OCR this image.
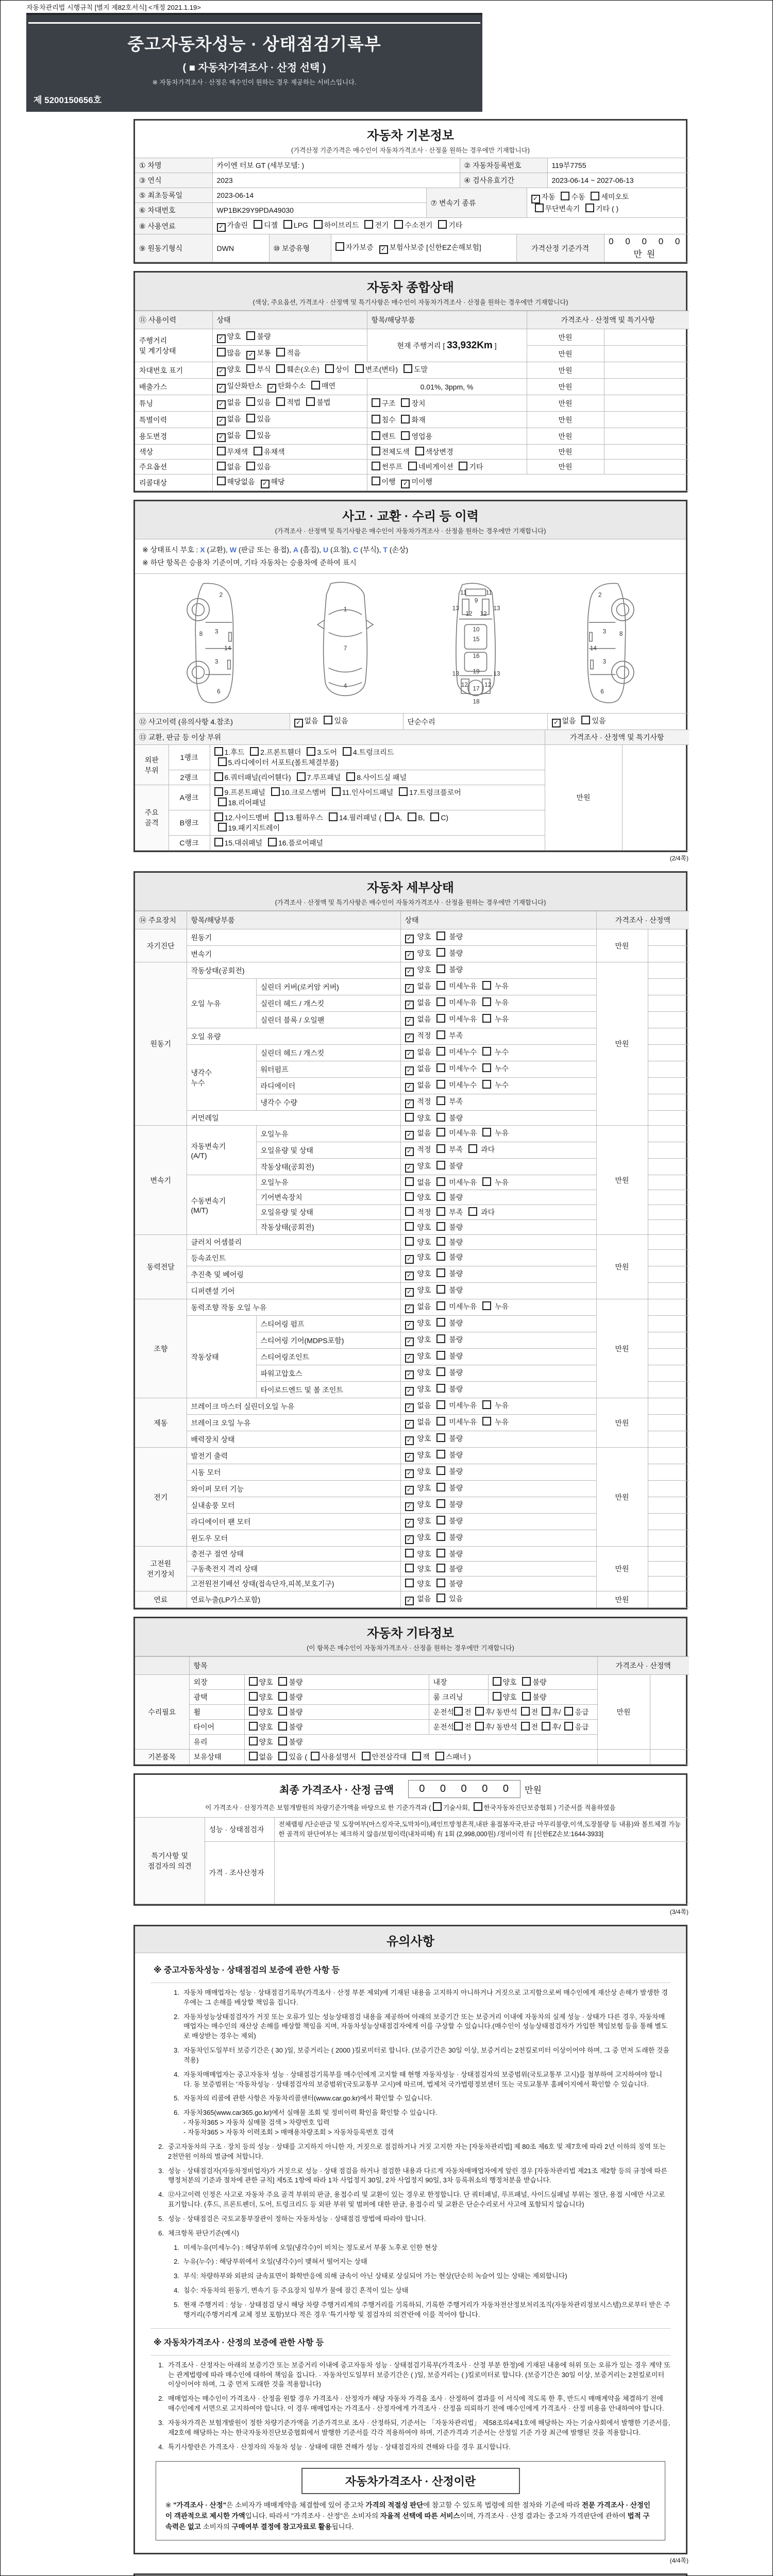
자동차관리법 시행규칙 [별지 제82호서식] <개정 2021.1.19>
중고자동차성능 · 상태점검기록부
( ■ 자동차가격조사 · 산정 선택 )
※ 자동차가격조사 · 산정은 매수인이 원하는 경우 제공하는 서비스입니다.
제 5200150656호
자동차 기본정보
(가격산정 기준가격은 매수인이 자동차가격조사 · 산정을 원하는 경우에만 기재합니다)
① 차명	카이엔 터보 GT (세부모델: )	② 자동차등록번호	119부7755
③ 연식	2023	④ 검사유효기간	2023-06-14 ~ 2027-06-13
⑤ 최초등록일	2023-06-14	⑦ 변속기 종류	✓ 자동 수동 세미오토
무단변속기 기타 ( )
⑥ 차대번호	WP1BK29Y9PDA49030		
⑧ 사용연료	✓ 가솔린 디젤 LPG 하이브리드 전기 수소전기 기타
⑨ 원동기형식	DWN	⑩ 보증유형	자가보증 ✓ 보험사보증 [신한EZ손해보험]	가격산정 기준가격	0 0 0 0 0 만원
자동차 종합상태
(색상, 주요옵션, 가격조사 · 산정액 및 특기사항은 매수인이 자동차가격조사 · 산정을 원하는 경우에만 기재합니다)
⑪ 사용이력	상태	항목/해당부품	가격조사 · 산정액 및 특기사항	
주행거리
및 계기상태	✓ 양호 불량	현재 주행거리 [ 33,932Km ]	만원	
	많음 ✓ 보통 적음		만원	
차대번호 표기	✓ 양호 부식 훼손(오손) 상이 변조(변타) 도말		만원	
배출가스	✓ 일산화탄소 ✓ 탄화수소 매연	0.01%, 3ppm, %	만원	
튜닝	✓ 없음 있음 적법 불법	구조 장치	만원	
특별이력	✓ 없음 있음	침수 화재	만원	
용도변경	✓ 없음 있음	렌트 영업용	만원	
색상	무채색 유채색	전체도색 색상변경	만원	
주요옵션	없음 있음	썬루프 네비게이션 기타	만원	
리콜대상	해당없음 ✓ 해당	이행 ✓ 미이행		
사고 · 교환 · 수리 등 이력
(가격조사 · 산정액 및 특기사항은 매수인이 자동차가격조사 · 산정을 원하는 경우에만 기재합니다)
※ 상태표시 부호 : X (교환), W (판금 또는 용접), A (흠집), U (요철), C (부식), T (손상)
※ 하단 항목은 승용차 기준이며, 기타 자동차는 승용차에 준하여 표시
2
8 3
14
3
6
1
7
4
11	11
9
13	13
12 12
10
15
16
19
13	13
12	12
17
18
2
3 8
14
3
6
⑫ 사고이력 (유의사항 4.참조)	✓ 없음 있음	단순수리	✓ 없음 있음
⑬ 교환, 판금 등 이상 부위	가격조사 · 산정액 및 특기사항
외판
부위	1랭크	1.후드 2.프론트휀더 3.도어 4.트렁크리드
5.라디에이터 서포트(볼트체결부품)	만원	
	2랭크	6.쿼터패널(리어휀다) 7.루프패널 8.사이드실 패널		
주요
골격	A랭크	9.프론트패널 10.크로스멤버 11.인사이드패널 17.트렁크플로어
18.리어패널		
	B랭크	12.사이드멤버 13.휠하우스 14.필러패널 ( A, B, C)
19.패키지트레이		
	C랭크	15.대쉬패널 16.플로어패널		
(2/4쪽)
자동차 세부상태
(가격조사 · 산정액 및 특기사항은 매수인이 자동차가격조사 · 산정을 원하는 경우에만 기재합니다)
⑭ 주요장치	항목/해당부품		상태	가격조사 · 산정액	
자기진단	원동기		✓ 양호  불량	만원	
	변속기		✓ 양호  불량		
원동기	작동상태(공회전)		✓ 양호  불량	만원	
	오일 누유	실린더 커버(로커암 커버)	✓ 없음  미세누유  누유		
		실린더 헤드 / 개스킷	✓ 없음  미세누유  누유		
		실린더 블록 / 오일팬	✓ 없음  미세누유  누유		
	오일 유량		✓ 적정  부족		
	냉각수
누수	실린더 헤드 / 개스킷	✓ 없음  미세누수  누수		
		워터펌프	✓ 없음  미세누수  누수		
		라디에이터	✓ 없음  미세누수  누수		
		냉각수 수량	✓ 적정  부족		
	커먼레일		양호  불량		
변속기	자동변속기
(A/T)	오일누유	✓ 없음  미세누유  누유	만원	
		오일유량 및 상태	✓ 적정  부족  과다		
		작동상태(공회전)	✓ 양호  불량		
	수동변속기
(M/T)	오일누유	없음  미세누유  누유		
		기어변속장치	양호  불량		
		오일유량 및 상태	적정  부족  과다		
		작동상태(공회전)	양호  불량		
동력전달	클러치 어셈블리		양호  불량	만원	
	등속죠인트		✓ 양호  불량		
	추진축 및 베어링		✓ 양호  불량		
	디퍼렌셜 기어		✓ 양호  불량		
조향	동력조향 작동 오일 누유		✓ 없음  미세누유  누유	만원	
	작동상태	스티어링 펌프	✓ 양호  불량		
		스티어링 기어(MDPS포함)	✓ 양호  불량		
		스티어링조인트	✓ 양호  불량		
		파워고압호스	✓ 양호  불량		
		타이로드엔드 및 볼 조인트	✓ 양호  불량		
제동	브레이크 마스터 실린더오일 누유		✓ 없음  미세누유  누유	만원	
	브레이크 오일 누유		✓ 없음  미세누유  누유		
	배력장치 상태		✓ 양호  불량		
전기	발전기 출력		✓ 양호  불량	만원	
	시동 모터		✓ 양호  불량		
	와이퍼 모터 기능		✓ 양호  불량		
	실내송풍 모터		✓ 양호  불량		
	라디에이터 팬 모터		✓ 양호  불량		
	윈도우 모터		✓ 양호  불량		
고전원
전기장치	충전구 절연 상태		양호  불량	만원	
	구동축전지 격리 상태		양호  불량		
	고전원전기배선 상태(접속단자,피복,보호기구)		양호  불량		
연료	연료누출(LP가스포함)		✓ 없음  있음	만원	
자동차 기타정보
(이 항목은 매수인이 자동차가격조사 · 산정을 원하는 경우에만 기재합니다)
	항목				가격조사 · 산정액	
수리필요	외장	양호 불량	내장	양호 불량	만원	
	광택	양호 불량	룸 크리닝	양호 불량		
	휠	양호 불량	운전석 전 후/ 동반석 전 후/ 응급			
	타이어	양호 불량	운전석 전 후/ 동반석 전 후/ 응급			
	유리	양호 불량				
기본품목	보유상태	없음 있음 ( 사용설명서 안전삼각대 잭 스패너 )				
최종 가격조사 · 산정 금액	0 0 0 0 0	만원
이 가격조사 · 산정가격은 보험개발원의 차량기준가액을 바탕으로 한 기준가격과 ( 기술사회, 한국자동차진단보증협회 ) 기준서를 적용하였음
특기사항 및
점검자의 의견	성능 · 상태점검자	전체랩핑 /단순판금 및 도장여부(마스킹자국,도막차이),페인트방청흔적,내판 용접봉자국,판금 마무리불량,이색,도장불량 등 내용)와 볼트체결 가능한 골격의 판단여부는 체크하지 않음/보험이력(내차피해) 有 1회 (2,998,000원) /정비이력 有 [신한EZ손보:1644-3933]
	가격 · 조사산정자	
(3/4쪽)
유의사항
※ 중고자동차성능 · 상태점검의 보증에 관한 사항 등
1. 자동차 매매업자는 성능 · 상태점검기록부(가격조사 · 산정 부분 제외)에 기재된 내용을 고지하지 아니하거나 거짓으로 고지함으로써 매수인에게 재산상 손해가 발생한 경우에는 그 손해를 배상할 책임을 집니다.
2. 자동차성능상태점검자가 거짓 또는 오류가 있는 성능상태점검 내용을 제공하여 아래의 보증기간 또는 보증거리 이내에 자동차의 실제 성능 · 상태가 다른 경우, 자동차매매업자는 매수인의 재산상 손해를 배상할 책임을 지며, 자동차성능상태점검자에게 이를 구상할 수 있습니다.(매수인이 성능상태점검자가 가입한 책임보험 등을 통해 별도로 배상받는 경우는 제외)
3. 자동차인도일부터 보증기간은 ( 30 )일, 보증거리는 ( 2000 )킬로미터로 합니다. (보증기간은 30일 이상, 보증거리는 2천킬로미터 이상이어야 하며, 그 중 먼저 도래한 것을 적용)
4. 자동차매매업자는 중고자동차 성능 · 상태점검기록부를 매수인에게 고지할 때 현행 자동차성능 · 상태점검자의 보증범위(국토교통부 고시)를 첨부하여 고지하여야 합니다. 동 보증범위는 '자동차성능 · 상태점검자의 보증범위'(국토교통부 고시)에 따르며, 법제처 국가법령정보센터 또는 국토교통부 홈페이지에서 확인할 수 있습니다.
5. 자동차의 리콜에 관한 사항은 자동차리콜센터(www.car.go.kr)에서 확인할 수 있습니다.
6. 자동차365(www.car365.go.kr)에서 실매물 조회 및 정비이력 확인을 확인할 수 있습니다.
- 자동차365 > 자동차 실매물 검색 > 차량번호 입력
- 자동차365 > 자동차 이력조회 > 매매용차량조회 > 자동차등록번호 검색
2. 중고자동차의 구조 · 장치 등의 성능 · 상태를 고지하지 아니한 자, 거짓으로 점검하거나 거짓 고지한 자는 [자동차관리법] 제 80조 제6호 및 제7호에 따라 2년 이하의 징역 또는 2천만원 이하의 벌금에 처합니다.
3. 성능 · 상태점검자(자동차정비업자)가 거짓으로 성능 · 상태 점검을 하거나 점검한 내용과 다르게 자동차매매업자에게 알린 경우 [자동차관리법 제21조 제2항 등의 규정에 따른 행정처분의 기준과 절차에 관한 규칙] 제5조 1항에 따라 1차 사업정지 30일, 2차 사업정지 90일, 3차 등록취소의 행정처분을 받습니다.
4. ⑫사고이력 인정은 사고로 자동차 주요 골격 부위의 판금, 용접수리 및 교환이 있는 경우로 한정합니다. 단 쿼터패널, 루프패널, 사이드실패널 부위는 절단, 용접 시에만 사고로 표기합니다. (후드, 프론트펜더, 도어, 트렁크리드 등 외판 부위 및 범퍼에 대한 판금, 용접수리 및 교환은 단순수리로서 사고에 포함되지 않습니다)
5. 성능 · 상태점검은 국토교통부장관이 정하는 자동차성능 · 상태점검 방법에 따라야 합니다.
6. 체크항목 판단기준(예시)
1. 미세누유(미세누수) : 해당부위에 오일(냉각수)이 비치는 정도로서 부품 노후로 인한 현상
2. 누유(누수) : 해당부위에서 오일(냉각수)이 맺혀서 떨어지는 상태
3. 부식: 차량하부와 외판의 금속표면이 화학반응에 의해 금속이 아닌 상태로 상실되어 가는 현상(단순히 녹슬어 있는 상태는 제외합니다)
4. 침수: 자동차의 원동기, 변속기 등 주요장치 일부가 물에 잠긴 흔적이 있는 상태
5. 현재 주행거리 : 성능 · 상태점검 당시 해당 차량 주행거리계의 주행거리를 기록하되, 기록한 주행거리가 자동차전산정보처리조직(자동차관리정보시스템)으로부터 받은 주행거리(주행거리계 교체 정보 포함)보다 적은 경우 '특기사항 및 점검자의 의견'란에 이를 적어야 합니다.
※ 자동차가격조사 · 산정의 보증에 관한 사항 등
1. 가격조사 · 산정자는 아래의 보증기간 또는 보증거리 이내에 중고자동차 성능 · 상태점검기록부(가격조사 · 산정 부분 한정)에 기재된 내용에 허위 또는 오류가 있는 경우 계약 또는 관계법령에 따라 매수인에 대하여 책임을 집니다. · 자동차인도일부터 보증기간은 ( )일, 보증거리는 ( )킬로미터로 합니다. (보증기간은 30일 이상, 보증거리는 2천킬로미터 이상이어야 하며, 그 중 먼저 도래한 것을 적용합니다)
2. 매매업자는 매수인이 가격조사 · 산정을 원할 경우 가격조사 · 산정자가 해당 자동차 가격을 조사 · 산정하여 결과를 이 서식에 적도록 한 후, 반드시 매매계약을 체결하기 전에 매수인에게 서면으로 고지하여야 합니다. 이 경우 매매업자는 가격조사 · 산정자에게 가격조사 · 산정을 의뢰하기 전에 매수인에게 가격조사 · 산정 비용을 안내하여야 합니다.
3. 자동차가격은 보험개발원이 정한 차량기준가액을 기준가격으로 조사 · 산정하되, 기준서는 「자동차관리법」 제58조의4제1호에 해당하는 자는 기술사회에서 발행한 기준서를, 제2호에 해당하는 자는 한국자동차진단보증협회에서 발행한 기준서를 각각 적용하여야 하며, 기준가격과 기준서는 산정일 기준 가장 최근에 발행된 것을 적용합니다.
4. 특기사항란은 가격조사 · 산정자의 자동차 성능 · 상태에 대한 견해가 성능 · 상태점검자의 견해와 다를 경우 표시합니다.
자동차가격조사 · 산정이란
※ "가격조사 · 산정"은 소비자가 매매계약을 체결함에 있어 중고차 가격의 적절성 판단에 참고할 수 있도록 법령에 의한 절차와 기준에 따라 전문 가격조사 · 산정인이 객관적으로 제시한 가액입니다. 따라서 "가격조사 · 산정"은 소비자의 자율적 선택에 따른 서비스이며, 가격조사 · 산정 결과는 중고차 가격판단에 관하여 법적 구속력은 없고 소비자의 구매여부 결정에 참고자료로 활용됩니다.
(4/4쪽)
